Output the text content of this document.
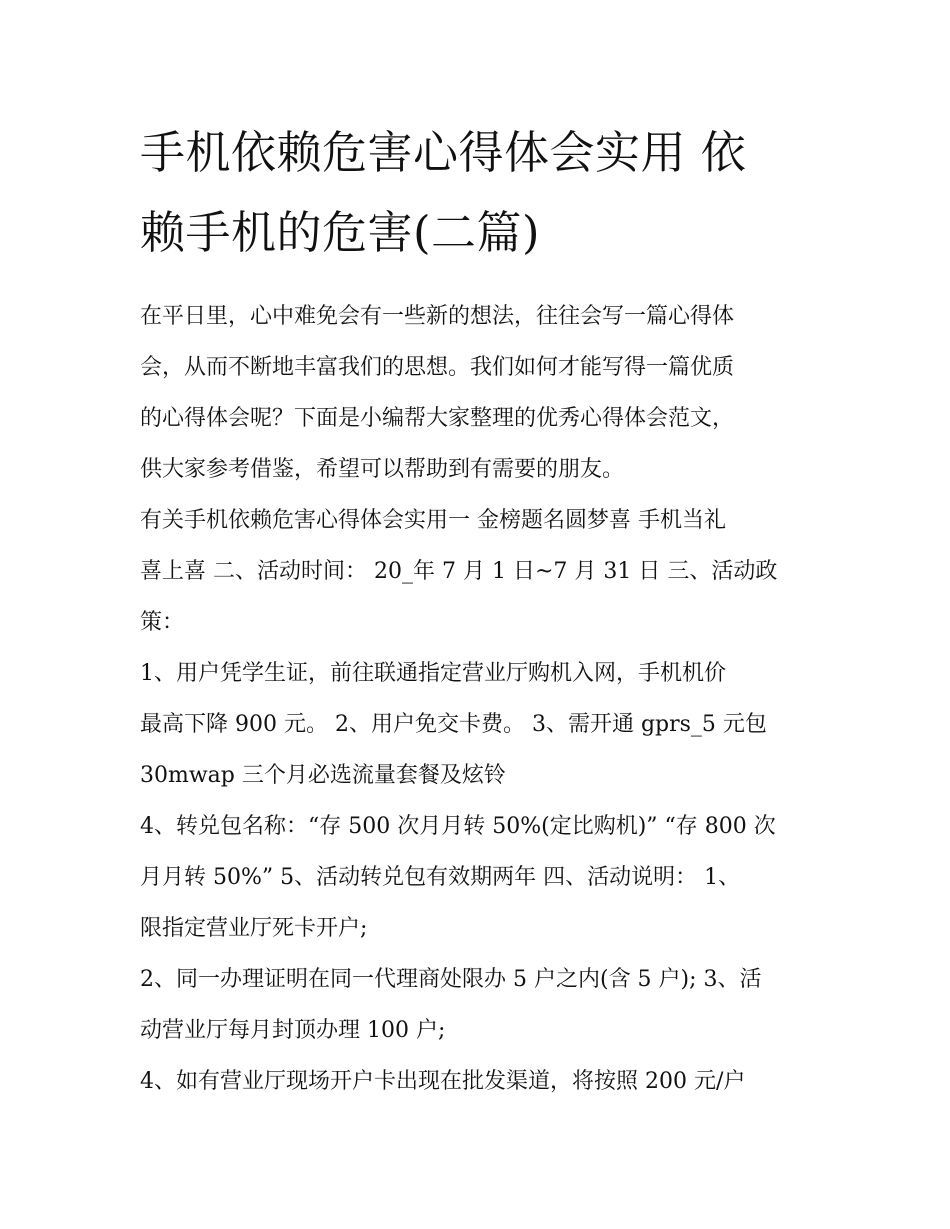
手机依赖危害心得体会实用 依
赖手机的危害(二篇)

在平日里，心中难免会有一些新的想法，往往会写一篇心得体
会，从而不断地丰富我们的思想。我们如何才能写得一篇优质
的心得体会呢？下面是小编帮大家整理的优秀心得体会范文，
供大家参考借鉴，希望可以帮助到有需要的朋友。

有关手机依赖危害心得体会实用一 金榜题名圆梦喜 手机当礼
喜上喜 二、活动时间： 20_年 7 月 1 日~7 月 31 日 三、活动政
策：

1、用户凭学生证，前往联通指定营业厅购机入网，手机机价
最高下降 900 元。 2、用户免交卡费。 3、需开通 gprs_5 元包
30mwap 三个月必选流量套餐及炫铃

4、转兑包名称：“存 500 次月月转 50%(定比购机)” “存 800 次
月月转 50%” 5、活动转兑包有效期两年 四、活动说明： 1、
限指定营业厅死卡开户;

2、同一办理证明在同一代理商处限办 5 户之内(含 5 户); 3、活
动营业厅每月封顶办理 100 户;

4、如有营业厅现场开户卡出现在批发渠道，将按照 200 元/户
